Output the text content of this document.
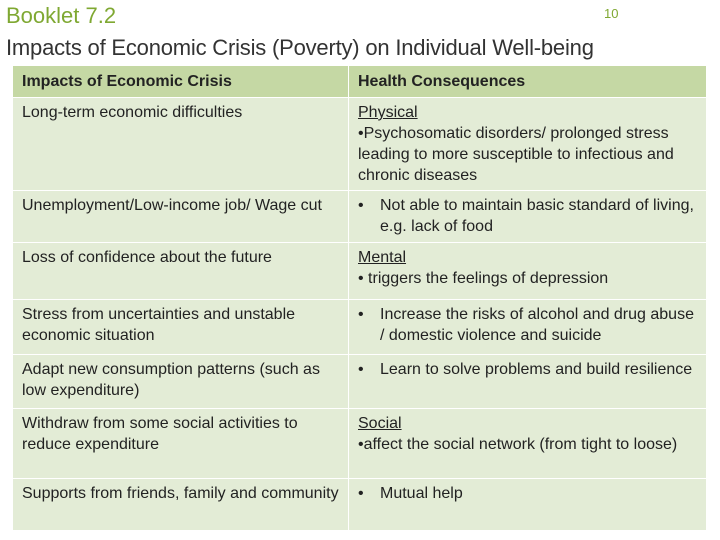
Booklet 7.2	10
Impacts of Economic Crisis (Poverty) on Individual Well-being
Impacts of Economic Crisis	Health Consequences
Long-term economic difficulties	Physical
•Psychosomatic disorders/ prolonged stress leading to more susceptible to infectious and chronic diseases

Unemployment/Low-income job/ Wage cut	• Not able to maintain basic standard of living, e.g. lack of food

Loss of confidence about the future	Mental
• triggers the feelings of depression

Stress from uncertainties and unstable economic situation	• Increase the risks of alcohol and drug abuse / domestic violence and suicide

Adapt new consumption patterns (such as low expenditure)	• Learn to solve problems and build resilience

Withdraw from some social activities to reduce expenditure	Social
•affect the social network (from tight to loose)

Supports from friends, family and community	• Mutual help
